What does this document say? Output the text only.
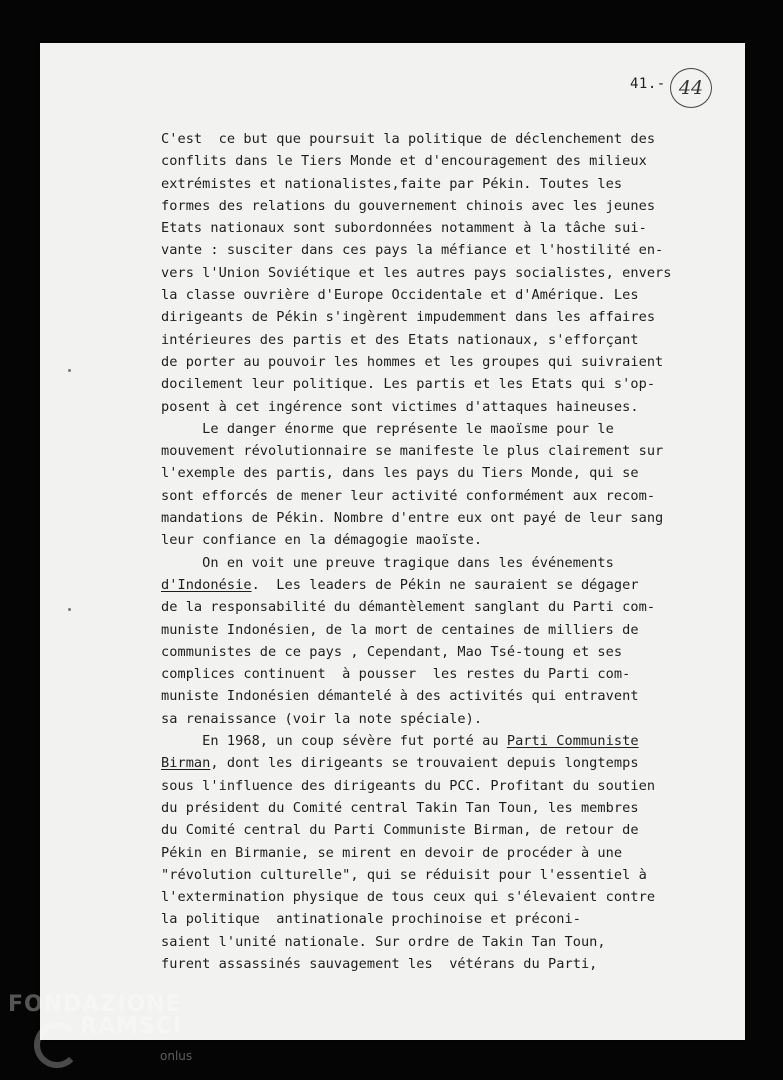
41.- 44
C'est  ce but que poursuit la politique de déclenchement des
conflits dans le Tiers Monde et d'encouragement des milieux
extrémistes et nationalistes,faite par Pékin. Toutes les
formes des relations du gouvernement chinois avec les jeunes
Etats nationaux sont subordonnées notamment à la tâche sui-
vante : susciter dans ces pays la méfiance et l'hostilité en-
vers l'Union Soviétique et les autres pays socialistes, envers
la classe ouvrière d'Europe Occidentale et d'Amérique. Les
dirigeants de Pékin s'ingèrent impudemment dans les affaires
intérieures des partis et des Etats nationaux, s'efforçant
de porter au pouvoir les hommes et les groupes qui suivraient
docilement leur politique. Les partis et les Etats qui s'op-
posent à cet ingérence sont victimes d'attaques haineuses.
Le danger énorme que représente le maoïsme pour le
mouvement révolutionnaire se manifeste le plus clairement sur
l'exemple des partis, dans les pays du Tiers Monde, qui se
sont efforcés de mener leur activité conformément aux recom-
mandations de Pékin. Nombre d'entre eux ont payé de leur sang
leur confiance en la démagogie maoïste.
On en voit une preuve tragique dans les événements
d'Indonésie.  Les leaders de Pékin ne sauraient se dégager
de la responsabilité du démantèlement sanglant du Parti com-
muniste Indonésien, de la mort de centaines de milliers de
communistes de ce pays , Cependant, Mao Tsé-toung et ses
complices continuent  à pousser  les restes du Parti com-
muniste Indonésien démantelé à des activités qui entravent
sa renaissance (voir la note spéciale).
En 1968, un coup sévère fut porté au Parti Communiste
Birman, dont les dirigeants se trouvaient depuis longtemps
sous l'influence des dirigeants du PCC. Profitant du soutien
du président du Comité central Takin Tan Toun, les membres
du Comité central du Parti Communiste Birman, de retour de
Pékin en Birmanie, se mirent en devoir de procéder à une
"révolution culturelle", qui se réduisit pour l'essentiel à
l'extermination physique de tous ceux qui s'élevaient contre
la politique  antinationale prochinoise et préconi-
saient l'unité nationale. Sur ordre de Takin Tan Toun,
furent assassinés sauvagement les  vétérans du Parti,
FONDAZIONE
RAMSCI
onlus
